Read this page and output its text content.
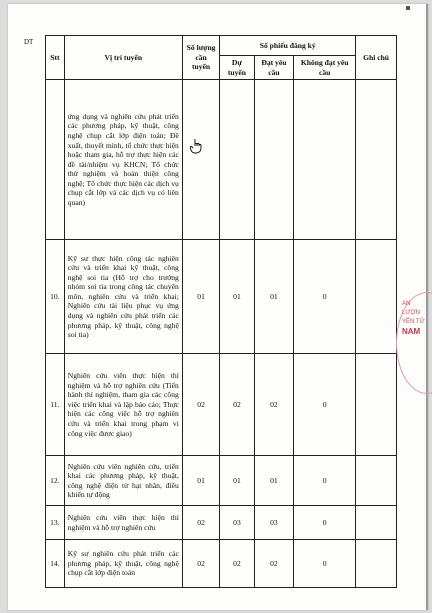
DT
Stt	Vị trí tuyển	Số lượng cần tuyển	Số phiếu đăng ký			Ghi chú
			Dự tuyển	Đạt yêu cầu	Không đạt yêu cầu	
	ứng dụng và nghiên cứu phát triển các phương pháp, kỹ thuật, công nghệ chụp cắt lớp điện toán; Đề xuất, thuyết minh, tổ chức thực hiện hoặc tham gia, hỗ trợ thực hiện các đề tài/nhiệm vụ KHCN; Tổ chức thử nghiệm và hoàn thiện công nghệ; Tổ chức thực hiện các dịch vụ chụp cắt lớp và các dịch vụ có liên quan)					
10.	Kỹ sư thực hiện công tác nghiên cứu và triển khai kỹ thuật, công nghệ soi tia (Hỗ trợ cho trưởng nhóm soi tia trong công tác chuyên môn, nghiên cứu và triển khai; Nghiên cứu tài liệu phục vụ ứng dụng và nghiên cứu phát triển các phương pháp, kỹ thuật, công nghệ soi tia)	01	01	01	0	
11.	Nghiên cứu viên thực hiện thí nghiệm và hỗ trợ nghiên cứu (Tiến hành thí nghiệm, tham gia các công việc triển khai và lập báo cáo; Thực hiện các công việc hỗ trợ nghiên cứu và triển khai trong phạm vi công việc được giao)	02	02	02	0	
12.	Nghiên cứu viên nghiên cứu, triển khai các phương pháp, kỹ thuật, công nghệ điện tử hạt nhân, điều khiển tự động	01	01	01	0	
13.	Nghiên cứu viên thực hiện thí nghiệm và hỗ trợ nghiên cứu	02	03	03	0	
14.	Kỹ sư nghiên cứu phát triển các phương pháp, kỹ thuật, công nghệ chụp cắt lớp điện toán	02	02	02	0	
ÂN
LƯỢN
YÊN TỬ
NAM
